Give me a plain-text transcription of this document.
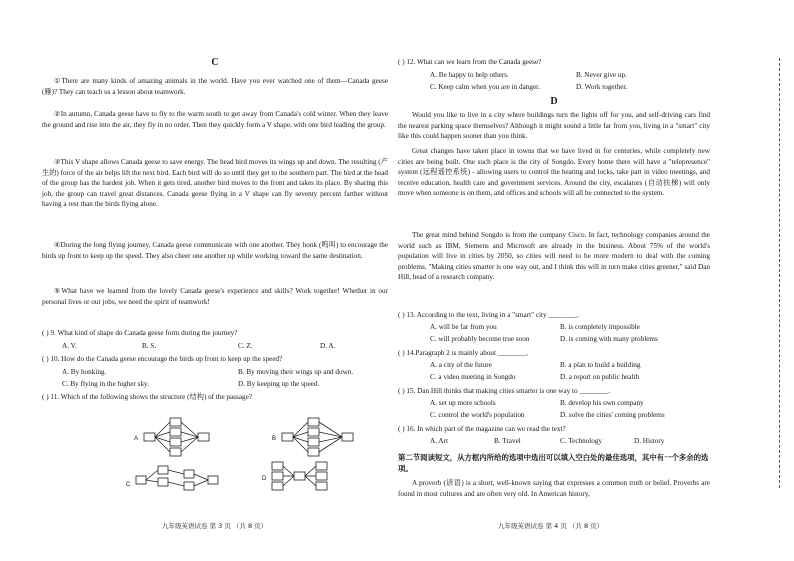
C
①There are many kinds of amazing animals in the world. Have you ever watched one of them—Canada geese (雁)? They can teach us a lesson about teamwork.
②In autumn, Canada geese have to fly to the warm south to get away from Canada's cold winter. When they leave the ground and rise into the air, they fly in no order. Then they quickly form a V shape, with one bird leading the group.
③This V shape allows Canada geese to save energy. The head bird moves its wings up and down. The resulting (产生的) force of the air helps lift the next bird. Each bird will do so until they get to the southern part. The bird at the head of the group has the hardest job. When it gets tired, another bird moves to the front and takes its place. By sharing this job, the group can travel great distances. Canada geese flying in a V shape can fly seventy percent farther without having a rest than the birds flying alone.
④During the long flying journey, Canada geese communicate with one another. They honk (鸣叫) to encourage the birds up front to keep up the speed. They also cheer one another up while working toward the same destination.
⑤What have we learned from the lovely Canada geese's experience and skills? Work together! Whether in our personal lives or our jobs, we need the spirit of teamwork!
( ) 9. What kind of shape do Canada geese form during the journey?
A. V.	B. S.	C. Z.	D. A.
( ) 10. How do the Canada geese encourage the birds up front to keep up the speed?
A. By honking.	B. By moving their wings up and down.
C. By flying in the higher sky.	D. By keeping up the speed.
( ) 11. Which of the following shows the structure (结构) of the passage?
A	B
C
D
九年级英语试卷 第 3 页 （共 8 页）
( ) 12. What can we learn from the Canada geese?
A. Be happy to help others.	B. Never give up.
C. Keep calm when you are in danger.	D. Work together.
D
Would you like to live in a city where buildings turn the lights off for you, and self-driving cars find the nearest parking space themselves? Although it might sound a little far from you, living in a "smart" city like this could happen sooner than you think.
Great changes have taken place in towns that we have lived in for centuries, while completely new cities are being built. One such place is the city of Songdo. Every home there will have a "telepresence" system (远程遥控系统) - allowing users to control the heating and locks, take part in video meetings, and receive education, health care and government services. Around the city, escalators (自动扶梯) will only move when someone is on them, and offices and schools will all be connected to the system.
The great mind behind Songdo is from the company Cisco. In fact, technology companies around the world such as IBM, Siemens and Microsoft are already in the business. About 75% of the world's population will live in cities by 2050, so cities will need to be more modern to deal with the coming problems. "Making cities smarter is one way out, and I think this will in turn make cities greener," said Dan Hill, head of a research company.
( ) 13. According to the text, living in a "smart" city ________.
A. will be far from you	B. is completely impossible
C. will probably become true soon	D. is coming with many problems
( ) 14.Paragraph 2 is mainly about ________.
A. a city of the future	B. a plan to build a building
C. a video meeting in Songdo	D. a report on public health
( ) 15. Dan Hill thinks that making cities smarter is one way to ________.
A. set up more schools	B. develop his own company
C. control the world's population	D. solve the cities' coming problems
( ) 16. In which part of the magazine can we read the text?
A. Art	B. Travel	C. Technology	D. History
第二节阅读短文，从方框内所给的选项中选出可以填入空白处的最佳选项，其中有一个多余的选项。
A proverb (谚语) is a short, well-known saying that expresses a common truth or belief. Proverbs are found in most cultures and are often very old. In American history,
九年级英语试卷 第 4 页 （共 8 页）
